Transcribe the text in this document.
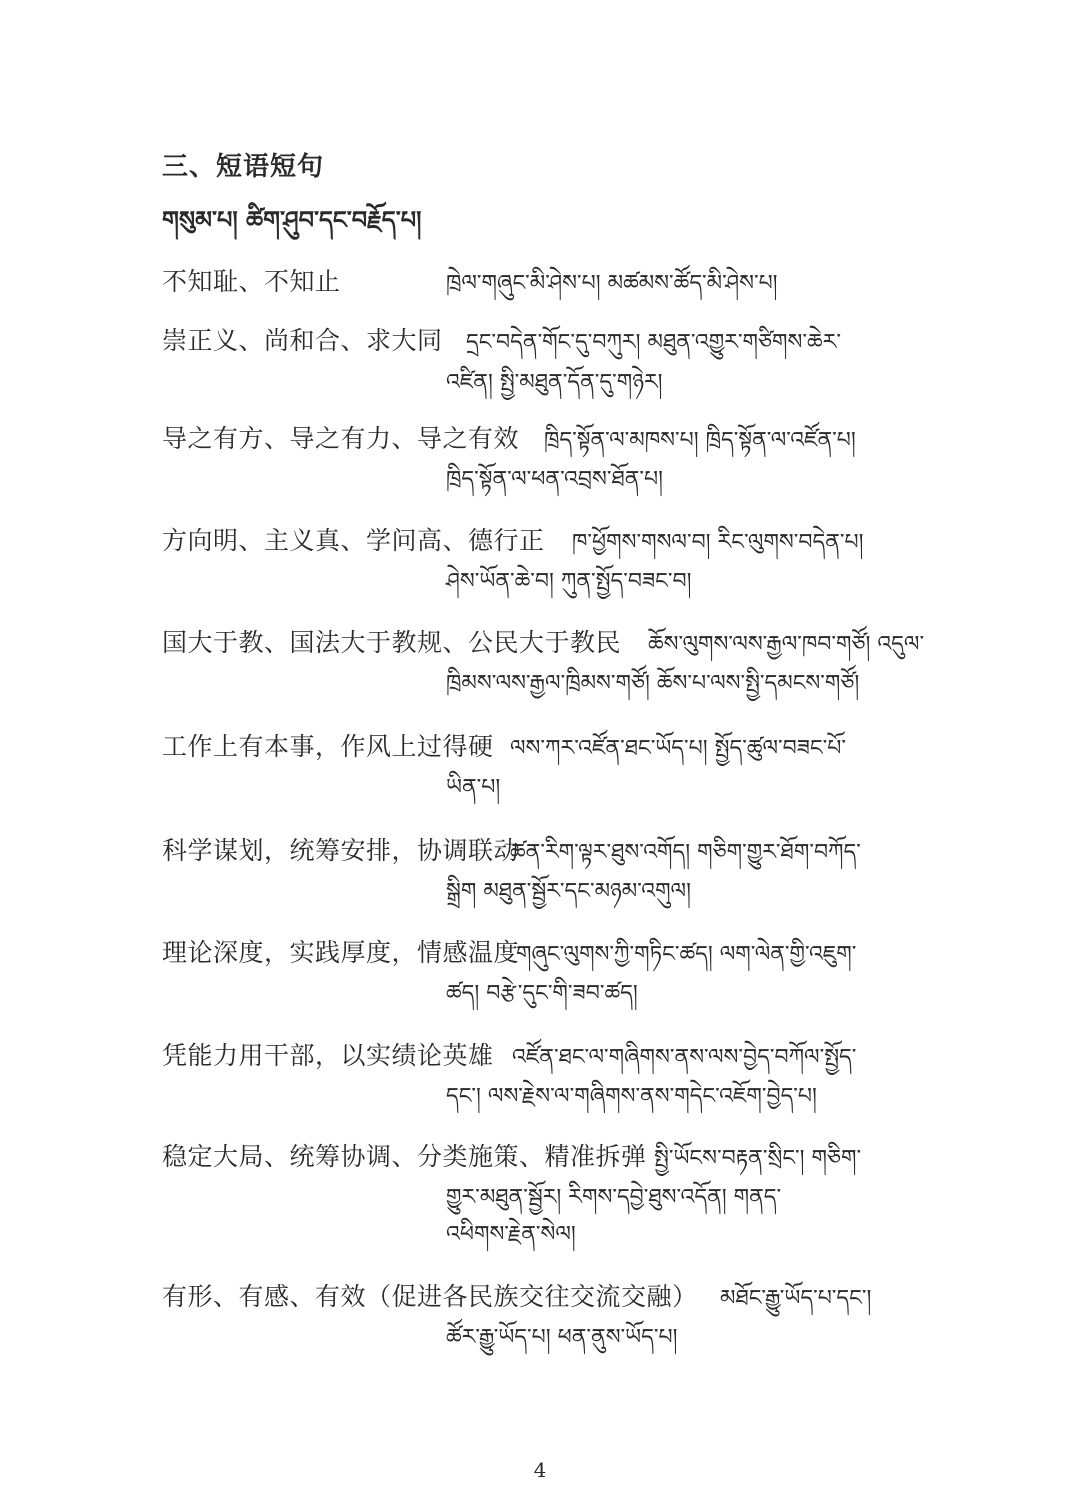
三、短语短句
གསུམ་པ། ཚིག་ཤུབ་དང་བརྗོད་པ།
不知耻、不知止	ཁྲེལ་གཞུང་མི་ཤེས་པ། མཚམས་ཚོད་མི་ཤེས་པ།
崇正义、尚和合、求大同 དྲང་བདེན་གོང་དུ་བཀུར། མཐུན་འགྱུར་གཙིགས་ཆེར་
འཛིན། སྤྱི་མཐུན་དོན་དུ་གཉེར།
导之有方、导之有力、导之有效 ཁྲིད་སྟོན་ལ་མཁས་པ། ཁྲིད་སྟོན་ལ་འཛོན་པ།
ཁྲིད་སྟོན་ལ་ཕན་འབྲས་ཐོན་པ།
方向明、主义真、学问高、德行正 ཁ་ཕྱོགས་གསལ་བ། རིང་ལུགས་བདེན་པ།
ཤེས་ཡོན་ཆེ་བ། ཀུན་སྤྱོད་བཟང་བ།
国大于教、国法大于教规、公民大于教民 ཆོས་ལུགས་ལས་རྒྱལ་ཁབ་གཙོ། འདུལ་
ཁྲིམས་ལས་རྒྱལ་ཁྲིམས་གཙོ། ཆོས་པ་ལས་སྤྱི་དམངས་གཙོ།
工作上有本事，作风上过得硬 ལས་ཀར་འཛོན་ཐང་ཡོད་པ། སྤྱོད་ཚུལ་བཟང་པོ་
ཡིན་པ།
科学谋划，统筹安排，协调联动
ཚན་རིག་ལྟར་ཐུས་འགོད། གཅིག་གྱུར་ཐོག་བཀོད་
སྒྲིག མཐུན་སྦྱོར་དང་མཉམ་འགུལ།
理论深度，实践厚度，情感温度
གཞུང་ལུགས་ཀྱི་གཏིང་ཚད། ལག་ལེན་གྱི་འཇུག་
ཚད། བརྩེ་དུང་གི་ཟབ་ཚད།
凭能力用干部，以实绩论英雄 འཛོན་ཐང་ལ་གཞིགས་ནས་ལས་བྱེད་བཀོལ་སྤྱོད་
དང་། ལས་རྗེས་ལ་གཞིགས་ནས་གདེང་འཇོག་བྱེད་པ།
稳定大局、统筹协调、分类施策、精准拆弹 སྤྱི་ཡོངས་བརྟན་སྲིང་། གཅིག་
གྱུར་མཐུན་སྦྱོར། རིགས་དབྱེ་ཐུས་འདོན། གནད་
འཕིགས་རྗེན་སེལ།
有形、有感、有效（促进各民族交往交流交融） མཐོང་རྒྱུ་ཡོད་པ་དང་།
ཚོར་རྒྱུ་ཡོད་པ། ཕན་ནུས་ཡོད་པ།
4
